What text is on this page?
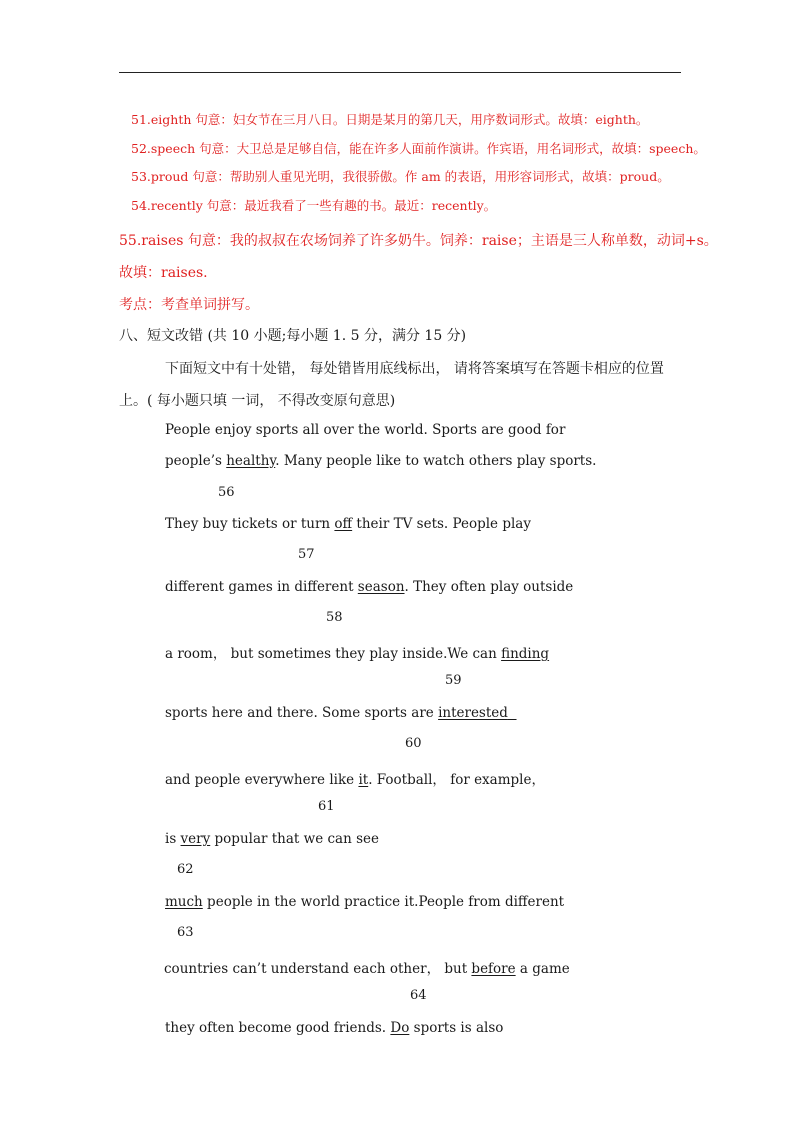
51.eighth 句意：妇女节在三月八日。日期是某月的第几天，用序数词形式。故填：eighth。
52.speech 句意：大卫总是足够自信，能在许多人面前作演讲。作宾语，用名词形式，故填：speech。
53.proud 句意：帮助别人重见光明，我很骄傲。作 am 的表语，用形容词形式，故填：proud。
54.recently 句意：最近我看了一些有趣的书。最近：recently。
55.raises 句意：我的叔叔在农场饲养了许多奶牛。饲养：raise；主语是三人称单数，动词+s。
故填：raises.
考点：考查单词拼写。
八、短文改错 (共 10 小题;每小题 1. 5 分，满分 15 分)
下面短文中有十处错， 每处错皆用底线标出， 请将答案填写在答题卡相应的位置
上。( 每小题只填 一词， 不得改变原句意思)
People enjoy sports all over the world. Sports are good for
people’s healthy. Many people like to watch others play sports.
56
They buy tickets or turn off their TV sets. People play
57
different games in different season. They often play outside
58
a room， but sometimes they play inside.We can finding
59
sports here and there. Some sports are interested
60
and people everywhere like it. Football， for example，
61
is very popular that we can see
62
much people in the world practice it.People from different
63
countries can’t understand each other， but before a game
64
they often become good friends. Do sports is also
